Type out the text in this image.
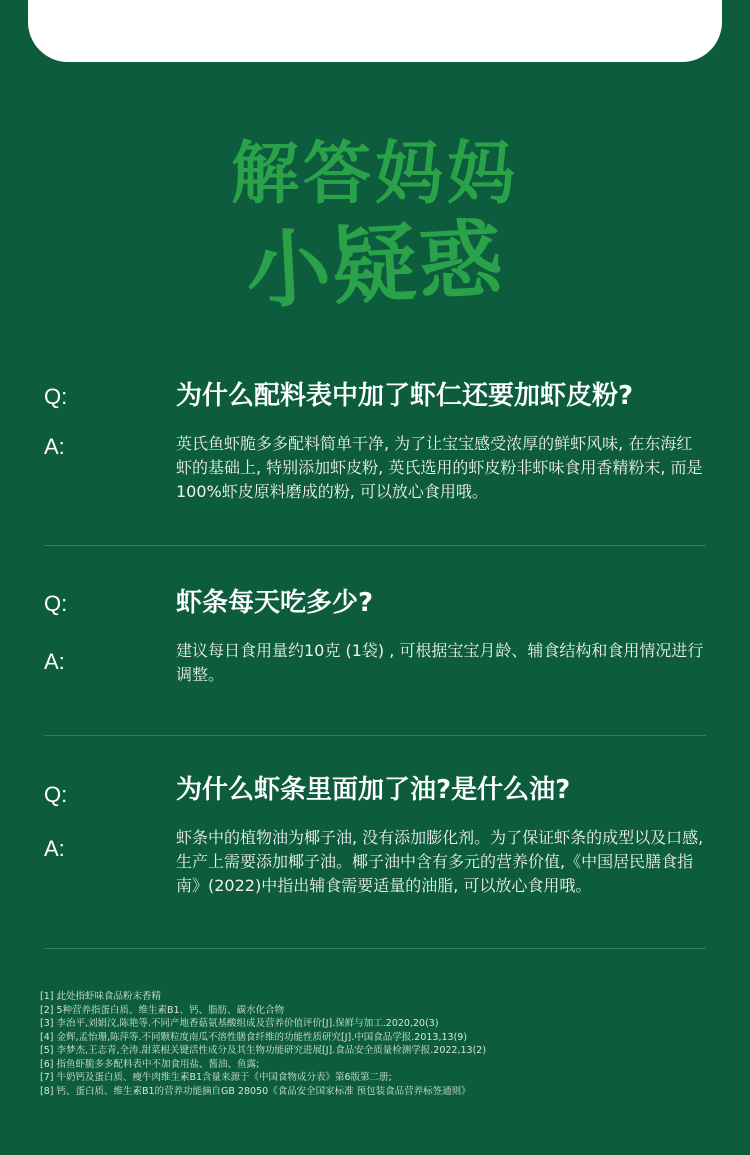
解答妈妈
小疑惑
Q:	为什么配料表中加了虾仁还要加虾皮粉?
A:	英氏鱼虾脆多多配料简单干净, 为了让宝宝感受浓厚的鲜虾风味, 在东海红虾的基础上, 特别添加虾皮粉, 英氏选用的虾皮粉非虾味食用香精粉末, 而是100%虾皮原料磨成的粉, 可以放心食用哦。
Q:	虾条每天吃多少?
A:	建议每日食用量约10克 (1袋) , 可根据宝宝月龄、辅食结构和食用情况进行调整。
Q:	为什么虾条里面加了油?是什么油?
A:	虾条中的植物油为椰子油, 没有添加膨化剂。为了保证虾条的成型以及口感, 生产上需要添加椰子油。椰子油中含有多元的营养价值,《中国居民膳食指南》(2022)中指出辅食需要适量的油脂, 可以放心食用哦。
[1] 此处指虾味食品粉末香精
[2] 5种营养指蛋白质、维生素B1、钙、脂肪、碳水化合物
[3] 李治平,刘娟汶,陈艳等.不同产地香菇氨基酸组成及营养价值评价[J].保鲜与加工.2020,20(3)
[4] 金辉,孟怡珊,陈萍等.不同颗粒度南瓜不溶性膳食纤维的功能性质研究[J].中国食品学报.2013,13(9)
[5] 李梦杰,王志青,全涛.甜菜根关键活性成分及其生物功能研究进展[J].食品安全质量检测学报.2022,13(2)
[6] 指鱼虾脆多多配料表中不加食用盐、酱油、鱼露;
[7] 牛奶钙及蛋白质、瘦牛肉维生素B1含量来源于《中国食物成分表》第6版第二册;
[8] 钙、蛋白质、维生素B1的营养功能摘自GB 28050《食品安全国家标准 预包装食品营养标签通则》
